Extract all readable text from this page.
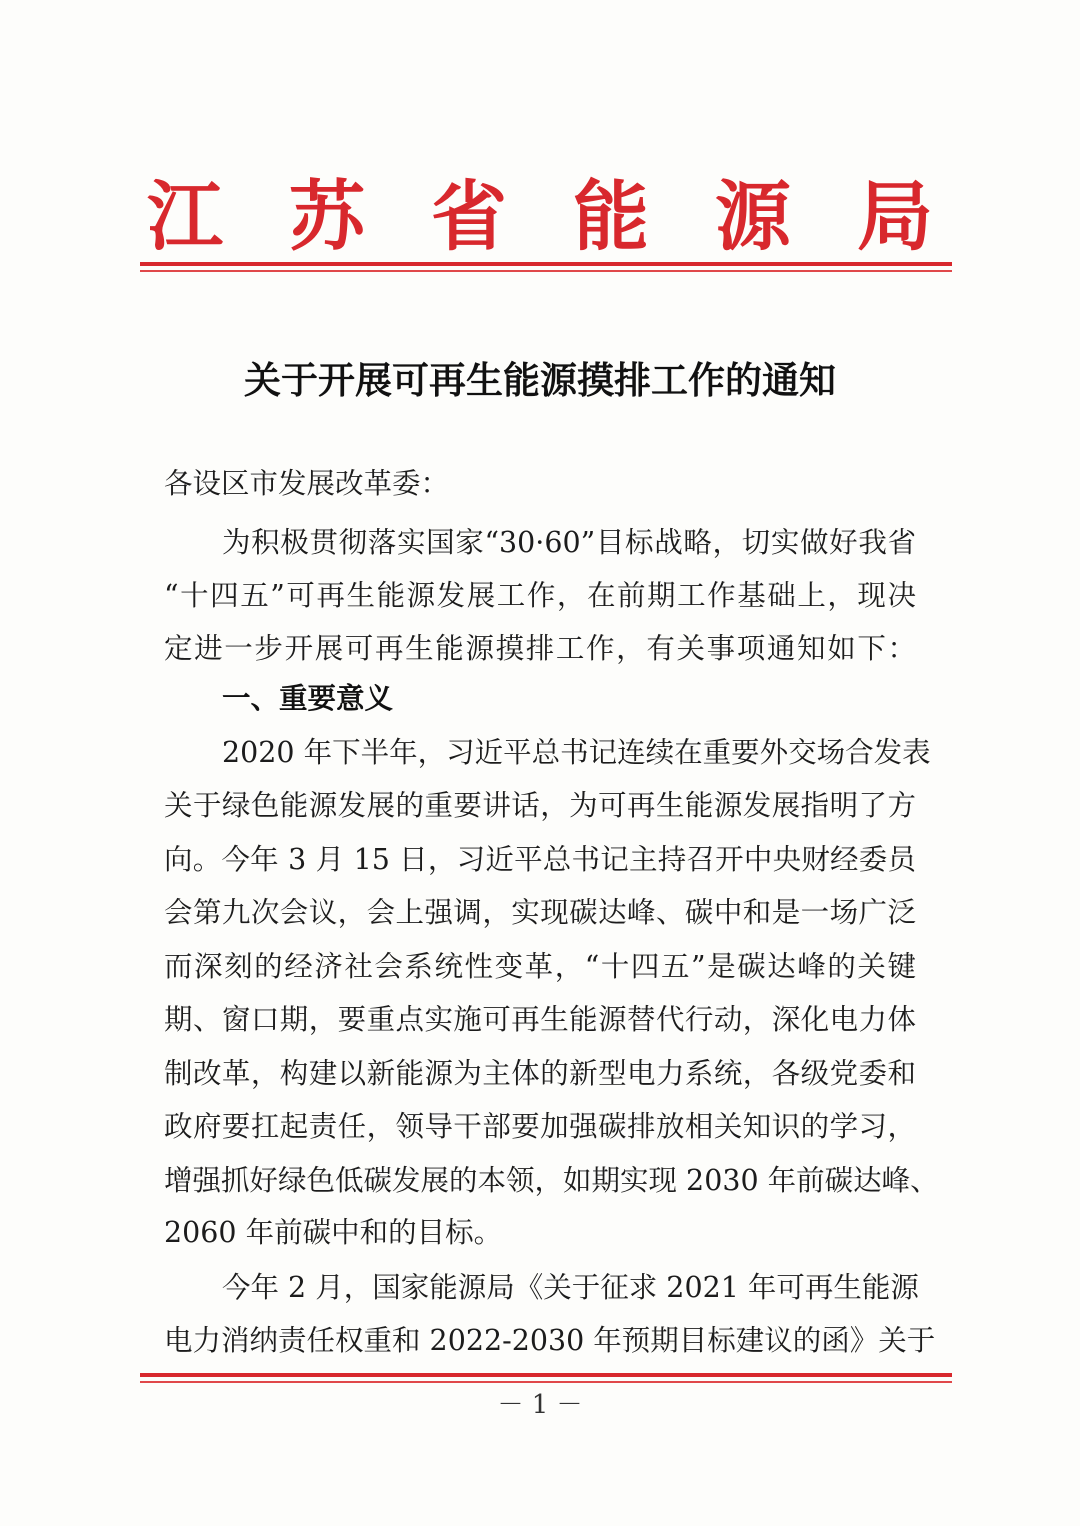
江 苏 省 能 源 局
关于开展可再生能源摸排工作的通知
各设区市发展改革委：
为积极贯彻落实国家“30·60”目标战略，切实做好我省
“十四五”可再生能源发展工作，在前期工作基础上，现决
定进一步开展可再生能源摸排工作，有关事项通知如下：
一、重要意义
2020 年下半年，习近平总书记连续在重要外交场合发表
关于绿色能源发展的重要讲话，为可再生能源发展指明了方
向。今年 3 月 15 日，习近平总书记主持召开中央财经委员
会第九次会议，会上强调，实现碳达峰、碳中和是一场广泛
而深刻的经济社会系统性变革，“十四五”是碳达峰的关键
期、窗口期，要重点实施可再生能源替代行动，深化电力体
制改革，构建以新能源为主体的新型电力系统，各级党委和
政府要扛起责任，领导干部要加强碳排放相关知识的学习，
增强抓好绿色低碳发展的本领，如期实现 2030 年前碳达峰、
2060 年前碳中和的目标。
今年 2 月，国家能源局《关于征求 2021 年可再生能源
电力消纳责任权重和 2022-2030 年预期目标建议的函》关于
－ 1 －
